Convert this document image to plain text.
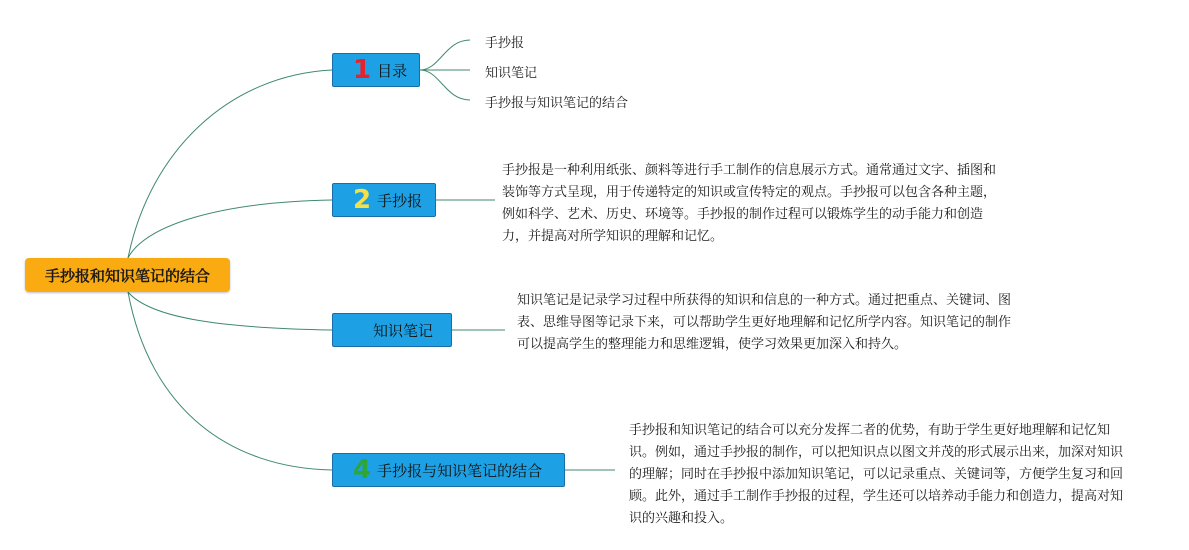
手抄报和知识笔记的结合
1 目录
2 手抄报
知识笔记
4 手抄报与知识笔记的结合
手抄报
知识笔记
手抄报与知识笔记的结合
手抄报是一种利用纸张、颜料等进行手工制作的信息展示方式。通常通过文字、插图和装饰等方式呈现，用于传递特定的知识或宣传特定的观点。手抄报可以包含各种主题，例如科学、艺术、历史、环境等。手抄报的制作过程可以锻炼学生的动手能力和创造力，并提高对所学知识的理解和记忆。
知识笔记是记录学习过程中所获得的知识和信息的一种方式。通过把重点、关键词、图表、思维导图等记录下来，可以帮助学生更好地理解和记忆所学内容。知识笔记的制作可以提高学生的整理能力和思维逻辑，使学习效果更加深入和持久。
手抄报和知识笔记的结合可以充分发挥二者的优势，有助于学生更好地理解和记忆知识。例如，通过手抄报的制作，可以把知识点以图文并茂的形式展示出来，加深对知识的理解；同时在手抄报中添加知识笔记，可以记录重点、关键词等，方便学生复习和回顾。此外，通过手工制作手抄报的过程，学生还可以培养动手能力和创造力，提高对知识的兴趣和投入。
